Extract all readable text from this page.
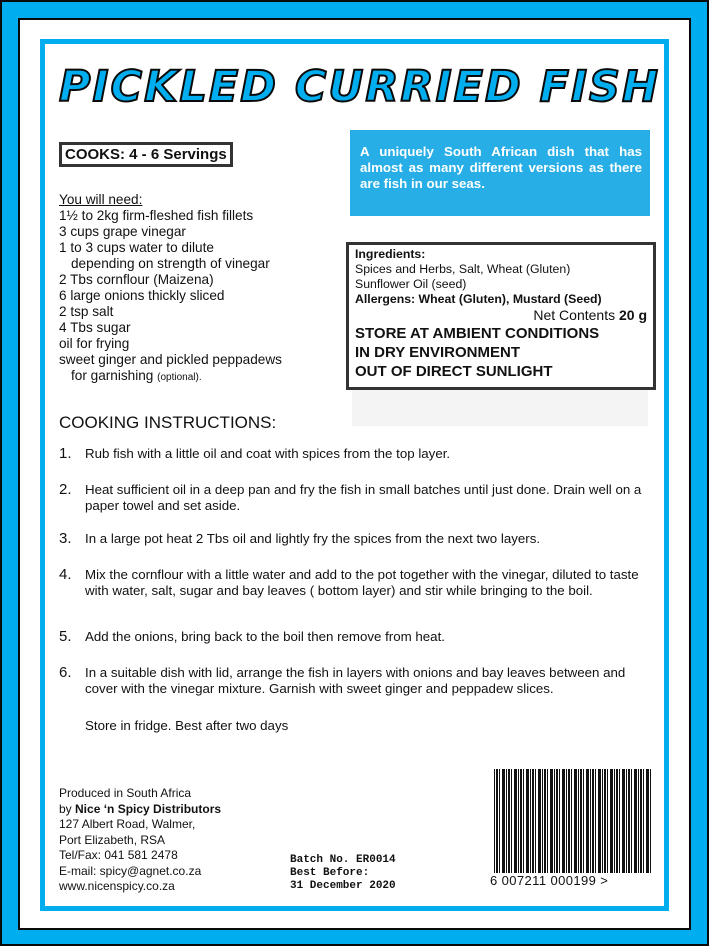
PICKLED CURRIED FISH
COOKS: 4 - 6 Servings	A uniquely South African dish that has almost as many different versions as there are fish in our seas.
You will need:
1½ to 2kg firm-fleshed fish fillets
3 cups grape vinegar
1 to 3 cups water to dilute
depending on strength of vinegar
2 Tbs cornflour (Maizena)
6 large onions thickly sliced
2 tsp salt
4 Tbs sugar
oil for frying
sweet ginger and pickled peppadews
for garnishing (optional).
Ingredients:
Spices and Herbs, Salt, Wheat (Gluten)
Sunflower Oil (seed)
Allergens: Wheat (Gluten), Mustard (Seed)
Net Contents 20 g
STORE AT AMBIENT CONDITIONS
IN DRY ENVIRONMENT
OUT OF DIRECT SUNLIGHT
COOKING INSTRUCTIONS:
1. Rub fish with a little oil and coat with spices from the top layer.
2. Heat sufficient oil in a deep pan and fry the fish in small batches until just done. Drain well on a paper towel and set aside.
3. In a large pot heat 2 Tbs oil and lightly fry the spices from the next two layers.
4. Mix the cornflour with a little water and add to the pot together with the vinegar, diluted to taste with water, salt, sugar and bay leaves ( bottom layer) and stir while bringing to the boil.
5. Add the onions, bring back to the boil then remove from heat.
6. In a suitable dish with lid, arrange the fish in layers with onions and bay leaves between and cover with the vinegar mixture. Garnish with sweet ginger and peppadew slices.
Store in fridge. Best after two days
Produced in South Africa
by Nice ‘n Spicy Distributors
127 Albert Road, Walmer,
Port Elizabeth, RSA
Tel/Fax: 041 581 2478
E-mail: spicy@agnet.co.za
www.nicenspicy.co.za
Batch No. ER0014
Best Before:
31 December 2020	6 007211 000199 >
